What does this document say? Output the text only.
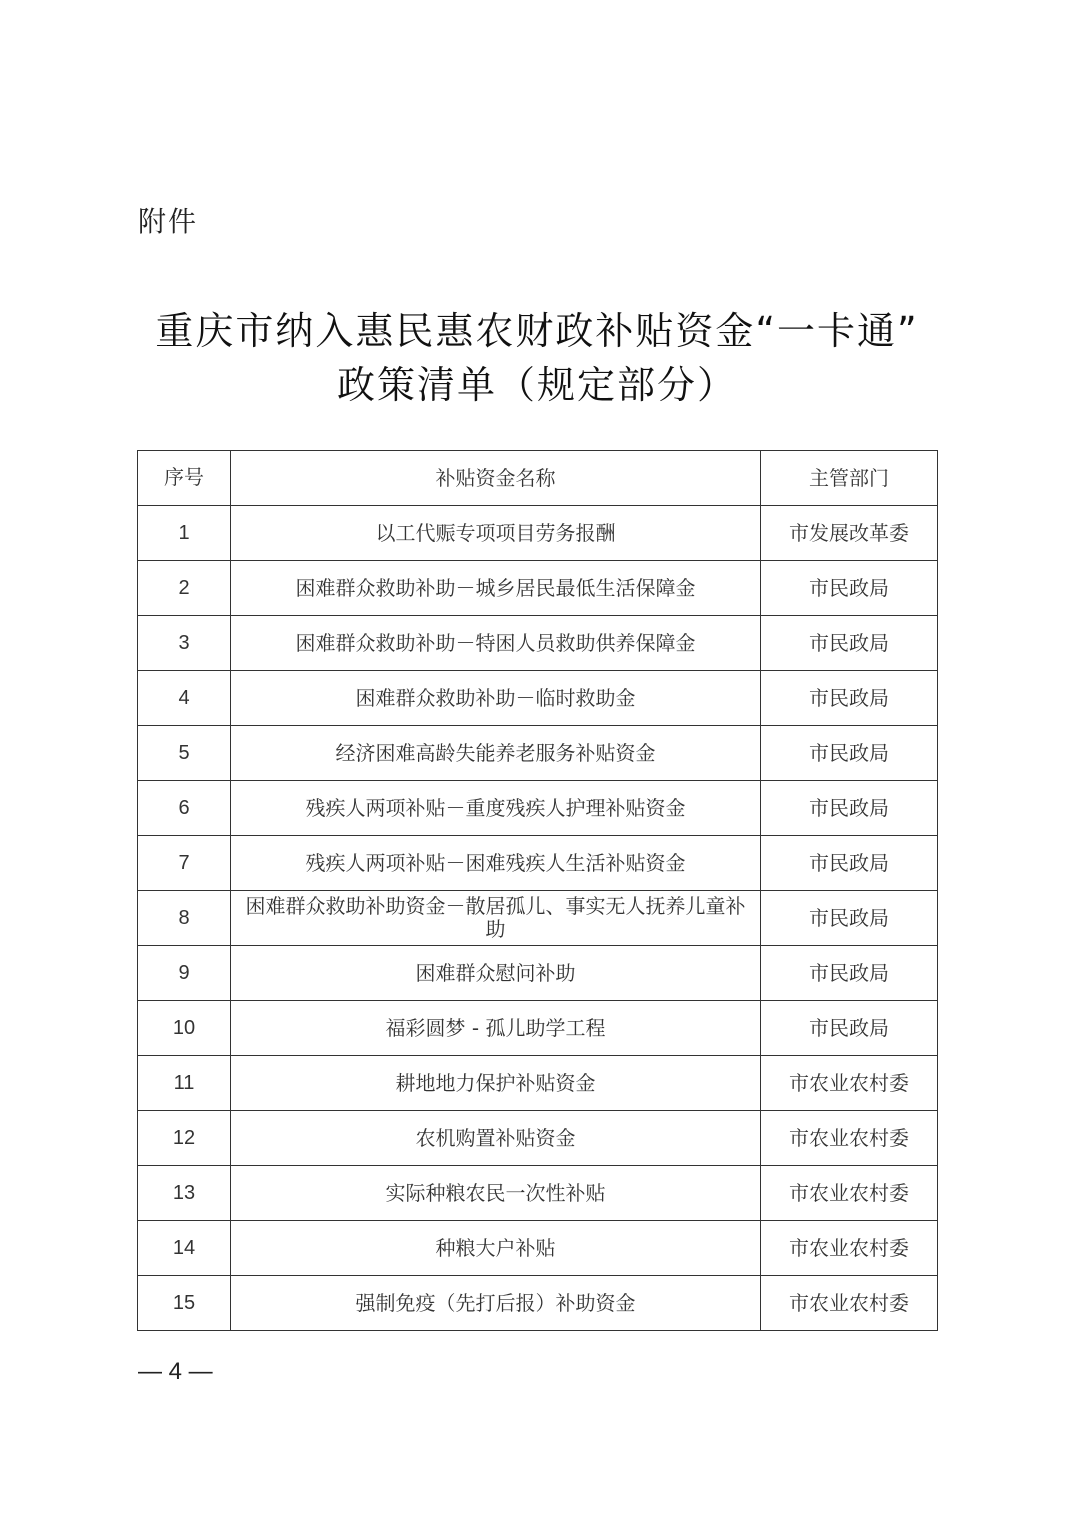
附件
重庆市纳入惠民惠农财政补贴资金“一卡通”
政策清单（规定部分）
序号	补贴资金名称	主管部门
1	以工代赈专项项目劳务报酬	市发展改革委
2	困难群众救助补助－城乡居民最低生活保障金	市民政局
3	困难群众救助补助－特困人员救助供养保障金	市民政局
4	困难群众救助补助－临时救助金	市民政局
5	经济困难高龄失能养老服务补贴资金	市民政局
6	残疾人两项补贴－重度残疾人护理补贴资金	市民政局
7	残疾人两项补贴－困难残疾人生活补贴资金	市民政局
8	困难群众救助补助资金－散居孤儿、事实无人抚养儿童补助	市民政局
9	困难群众慰问补助	市民政局
10	福彩圆梦 - 孤儿助学工程	市民政局
11	耕地地力保护补贴资金	市农业农村委
12	农机购置补贴资金	市农业农村委
13	实际种粮农民一次性补贴	市农业农村委
14	种粮大户补贴	市农业农村委
15	强制免疫（先打后报）补助资金	市农业农村委
— 4 —
